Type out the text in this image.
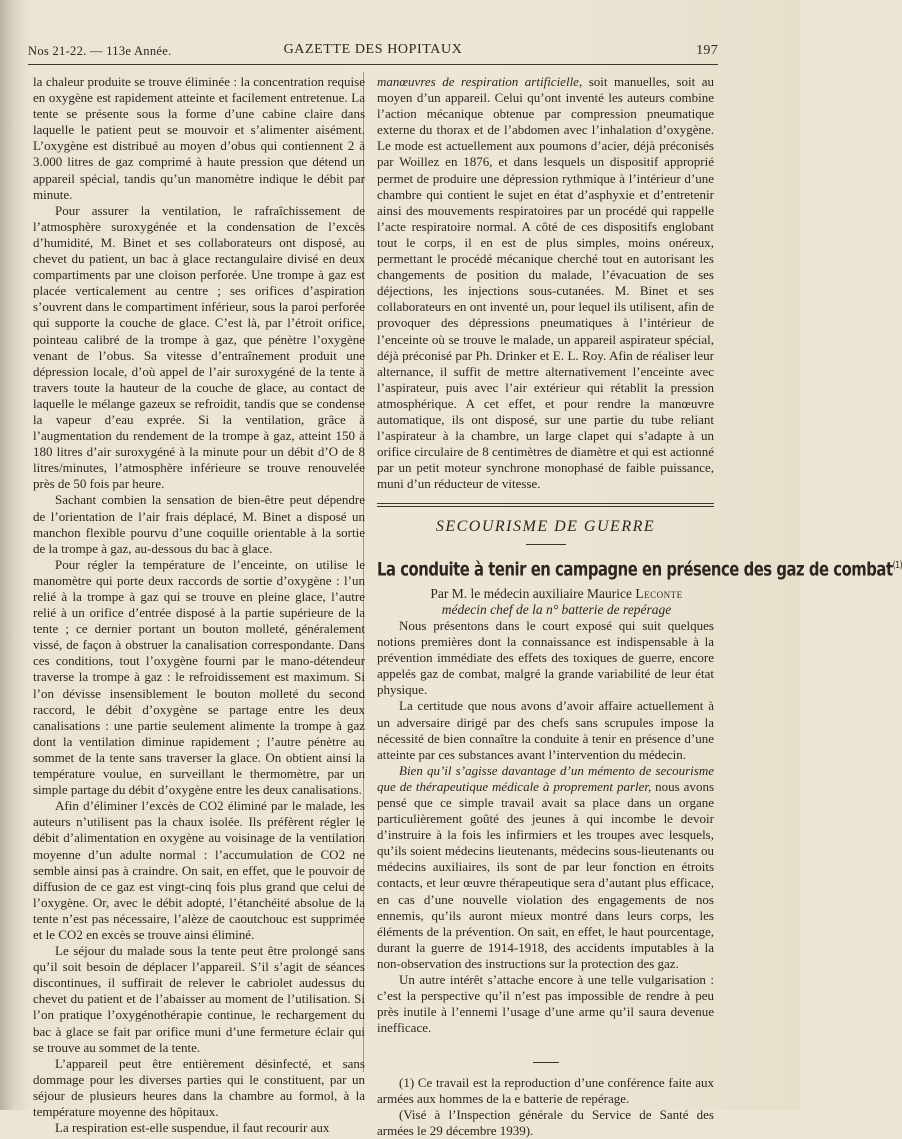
Nos 21-22. — 113e Année.	GAZETTE DES HOPITAUX	197

la chaleur produite se trouve éliminée : la concentration requise en oxygène est rapidement atteinte et facilement entretenue. La tente se présente sous la forme d’une cabine claire dans laquelle le patient peut se mouvoir et s’alimenter aisément. L’oxygène est distribué au moyen d’obus qui contiennent 2 à 3.000 litres de gaz comprimé à haute pression que détend un appareil spécial, tandis qu’un manomètre indique le débit par minute.

Pour assurer la ventilation, le rafraîchissement de l’atmosphère suroxygénée et la condensation de l’excès d’humidité, M. Binet et ses collaborateurs ont disposé, au chevet du patient, un bac à glace rectangulaire divisé en deux compartiments par une cloison perforée. Une trompe à gaz est placée verticalement au centre ; ses orifices d’aspiration s’ouvrent dans le compartiment inférieur, sous la paroi perforée qui supporte la couche de glace. C’est là, par l’étroit orifice, pointeau calibré de la trompe à gaz, que pénètre l’oxygène venant de l’obus. Sa vitesse d’entraînement produit une dépression locale, d’où appel de l’air suroxygéné de la tente à travers toute la hauteur de la couche de glace, au contact de laquelle le mélange gazeux se refroidit, tandis que se condense la vapeur d’eau exprée. Si la ventilation, grâce à l’augmentation du rendement de la trompe à gaz, atteint 150 à 180 litres d’air suroxygéné à la minute pour un débit d’O de 8 litres/minutes, l’atmosphère inférieure se trouve renouvelée près de 50 fois par heure.

Sachant combien la sensation de bien-être peut dépendre de l’orientation de l’air frais déplacé, M. Binet a disposé un manchon flexible pourvu d’une coquille orientable à la sortie de la trompe à gaz, au-dessous du bac à glace.

Pour régler la température de l’enceinte, on utilise le manomètre qui porte deux raccords de sortie d’oxygène : l’un relié à la trompe à gaz qui se trouve en pleine glace, l’autre relié à un orifice d’entrée disposé à la partie supérieure de la tente ; ce dernier portant un bouton molleté, généralement vissé, de façon à obstruer la canalisation correspondante. Dans ces conditions, tout l’oxygène fourni par le mano-détendeur traverse la trompe à gaz : le refroidissement est maximum. Si l’on dévisse insensiblement le bouton molleté du second raccord, le débit d’oxygène se partage entre les deux canalisations : une partie seulement alimente la trompe à gaz dont la ventilation diminue rapidement ; l’autre pénètre au sommet de la tente sans traverser la glace. On obtient ainsi la température voulue, en surveillant le thermomètre, par un simple partage du débit d’oxygène entre les deux canalisations.

Afin d’éliminer l’excès de CO2 éliminé par le malade, les auteurs n’utilisent pas la chaux isolée. Ils préfèrent régler le débit d’alimentation en oxygène au voisinage de la ventilation moyenne d’un adulte normal : l’accumulation de CO2 ne semble ainsi pas à craindre. On sait, en effet, que le pouvoir de diffusion de ce gaz est vingt-cinq fois plus grand que celui de l’oxygène. Or, avec le débit adopté, l’étanchéité absolue de la tente n’est pas nécessaire, l’alèze de caoutchouc est supprimée et le CO2 en excès se trouve ainsi éliminé.

Le séjour du malade sous la tente peut être prolongé sans qu’il soit besoin de déplacer l’appareil. S’il s’agit de séances discontinues, il suffirait de relever le cabriolet audessus du chevet du patient et de l’abaisser au moment de l’utilisation. Si l’on pratique l’oxygénothérapie continue, le rechargement du bac à glace se fait par orifice muni d’une fermeture éclair qui se trouve au sommet de la tente.

L’appareil peut être entièrement désinfecté, et sans dommage pour les diverses parties qui le constituent, par un séjour de plusieurs heures dans la chambre au formol, à la température moyenne des hôpitaux.

La respiration est-elle suspendue, il faut recourir aux

manœuvres de respiration artificielle, soit manuelles, soit au moyen d’un appareil. Celui qu’ont inventé les auteurs combine l’action mécanique obtenue par compression pneumatique externe du thorax et de l’abdomen avec l’inhalation d’oxygène. Le mode est actuellement aux poumons d’acier, déjà préconisés par Woillez en 1876, et dans lesquels un dispositif approprié permet de produire une dépression rythmique à l’intérieur d’une chambre qui contient le sujet en état d’asphyxie et d’entretenir ainsi des mouvements respiratoires par un procédé qui rappelle l’acte respiratoire normal. A côté de ces dispositifs englobant tout le corps, il en est de plus simples, moins onéreux, permettant le procédé mécanique cherché tout en autorisant les changements de position du malade, l’évacuation de ses déjections, les injections sous-cutanées. M. Binet et ses collaborateurs en ont inventé un, pour lequel ils utilisent, afin de provoquer des dépressions pneumatiques à l’intérieur de l’enceinte où se trouve le malade, un appareil aspirateur spécial, déjà préconisé par Ph. Drinker et E. L. Roy. Afin de réaliser leur alternance, il suffit de mettre alternativement l’enceinte avec l’aspirateur, puis avec l’air extérieur qui rétablit la pression atmosphérique. A cet effet, et pour rendre la manœuvre automatique, ils ont disposé, sur une partie du tube reliant l’aspirateur à la chambre, un large clapet qui s’adapte à un orifice circulaire de 8 centimètres de diamètre et qui est actionné par un petit moteur synchrone monophasé de faible puissance, muni d’un réducteur de vitesse.

SECOURISME DE GUERRE
La conduite à tenir en campagne en présence des gaz de combat$^{(1)}$

Par M. le médecin auxiliaire Maurice Leconte

médecin chef de la n° batterie de repérage

Nous présentons dans le court exposé qui suit quelques notions premières dont la connaissance est indispensable à la prévention immédiate des effets des toxiques de guerre, encore appelés gaz de combat, malgré la grande variabilité de leur état physique.

La certitude que nous avons d’avoir affaire actuellement à un adversaire dirigé par des chefs sans scrupules impose la nécessité de bien connaître la conduite à tenir en présence d’une atteinte par ces substances avant l’intervention du médecin.

Bien qu’il s’agisse davantage d’un mémento de secourisme que de thérapeutique médicale à proprement parler, nous avons pensé que ce simple travail avait sa place dans un organe particulièrement goûté des jeunes à qui incombe le devoir d’instruire à la fois les infirmiers et les troupes avec lesquels, qu’ils soient médecins lieutenants, médecins sous-lieutenants ou médecins auxiliaires, ils sont de par leur fonction en étroits contacts, et leur œuvre thérapeutique sera d’autant plus efficace, en cas d’une nouvelle violation des engagements de nos ennemis, qu’ils auront mieux montré dans leurs corps, les éléments de la prévention. On sait, en effet, le haut pourcentage, durant la guerre de 1914-1918, des accidents imputables à la non-observation des instructions sur la protection des gaz.

Un autre intérêt s’attache encore à une telle vulgarisation : c’est la perspective qu’il n’est pas impossible de rendre à peu près inutile à l’ennemi l’usage d’une arme qu’il saura devenue inefficace.

(1) Ce travail est la reproduction d’une conférence faite aux armées aux hommes de la e batterie de repérage.

(Visé à l’Inspection générale du Service de Santé des armées le 29 décembre 1939).
